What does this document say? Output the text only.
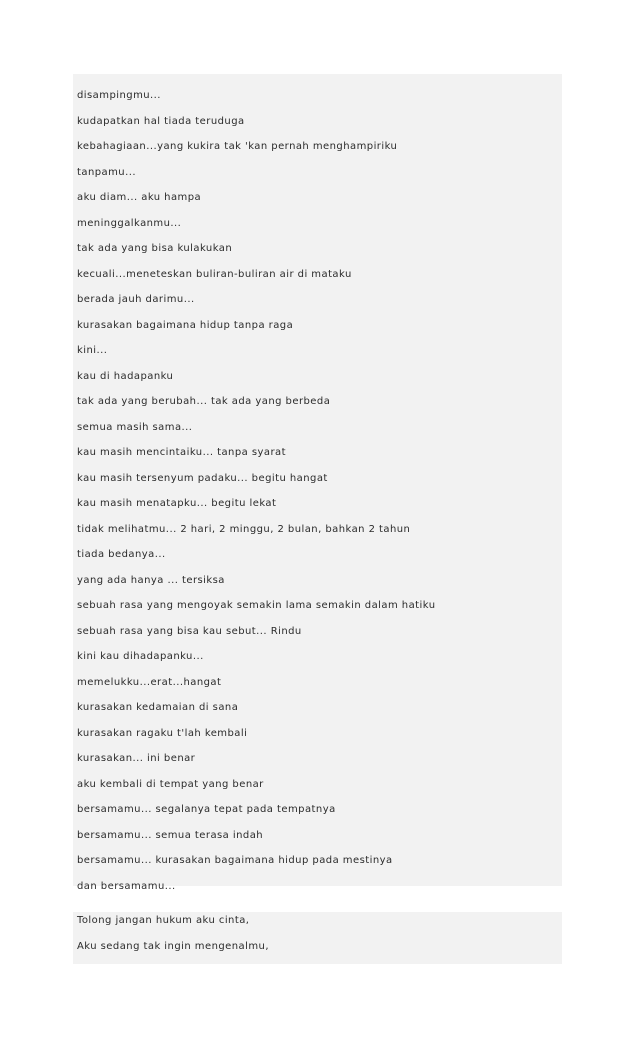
disampingmu...
kudapatkan hal tiada teruduga
kebahagiaan...yang kukira tak 'kan pernah menghampiriku
tanpamu...
aku diam... aku hampa
meninggalkanmu...
tak ada yang bisa kulakukan
kecuali...meneteskan buliran-buliran air di mataku
berada jauh darimu...
kurasakan bagaimana hidup tanpa raga
kini...
kau di hadapanku
tak ada yang berubah... tak ada yang berbeda
semua masih sama...
kau masih mencintaiku... tanpa syarat
kau masih tersenyum padaku... begitu hangat
kau masih menatapku... begitu lekat
tidak melihatmu... 2 hari, 2 minggu, 2 bulan, bahkan 2 tahun
tiada bedanya...
yang ada hanya ... tersiksa
sebuah rasa yang mengoyak semakin lama semakin dalam hatiku
sebuah rasa yang bisa kau sebut... Rindu
kini kau dihadapanku...
memelukku...erat...hangat
kurasakan kedamaian di sana
kurasakan ragaku t'lah kembali
kurasakan... ini benar
aku kembali di tempat yang benar
bersamamu... segalanya tepat pada tempatnya
bersamamu... semua terasa indah
bersamamu... kurasakan bagaimana hidup pada mestinya
dan bersamamu...
Tolong jangan hukum aku cinta,
Aku sedang tak ingin mengenalmu,
